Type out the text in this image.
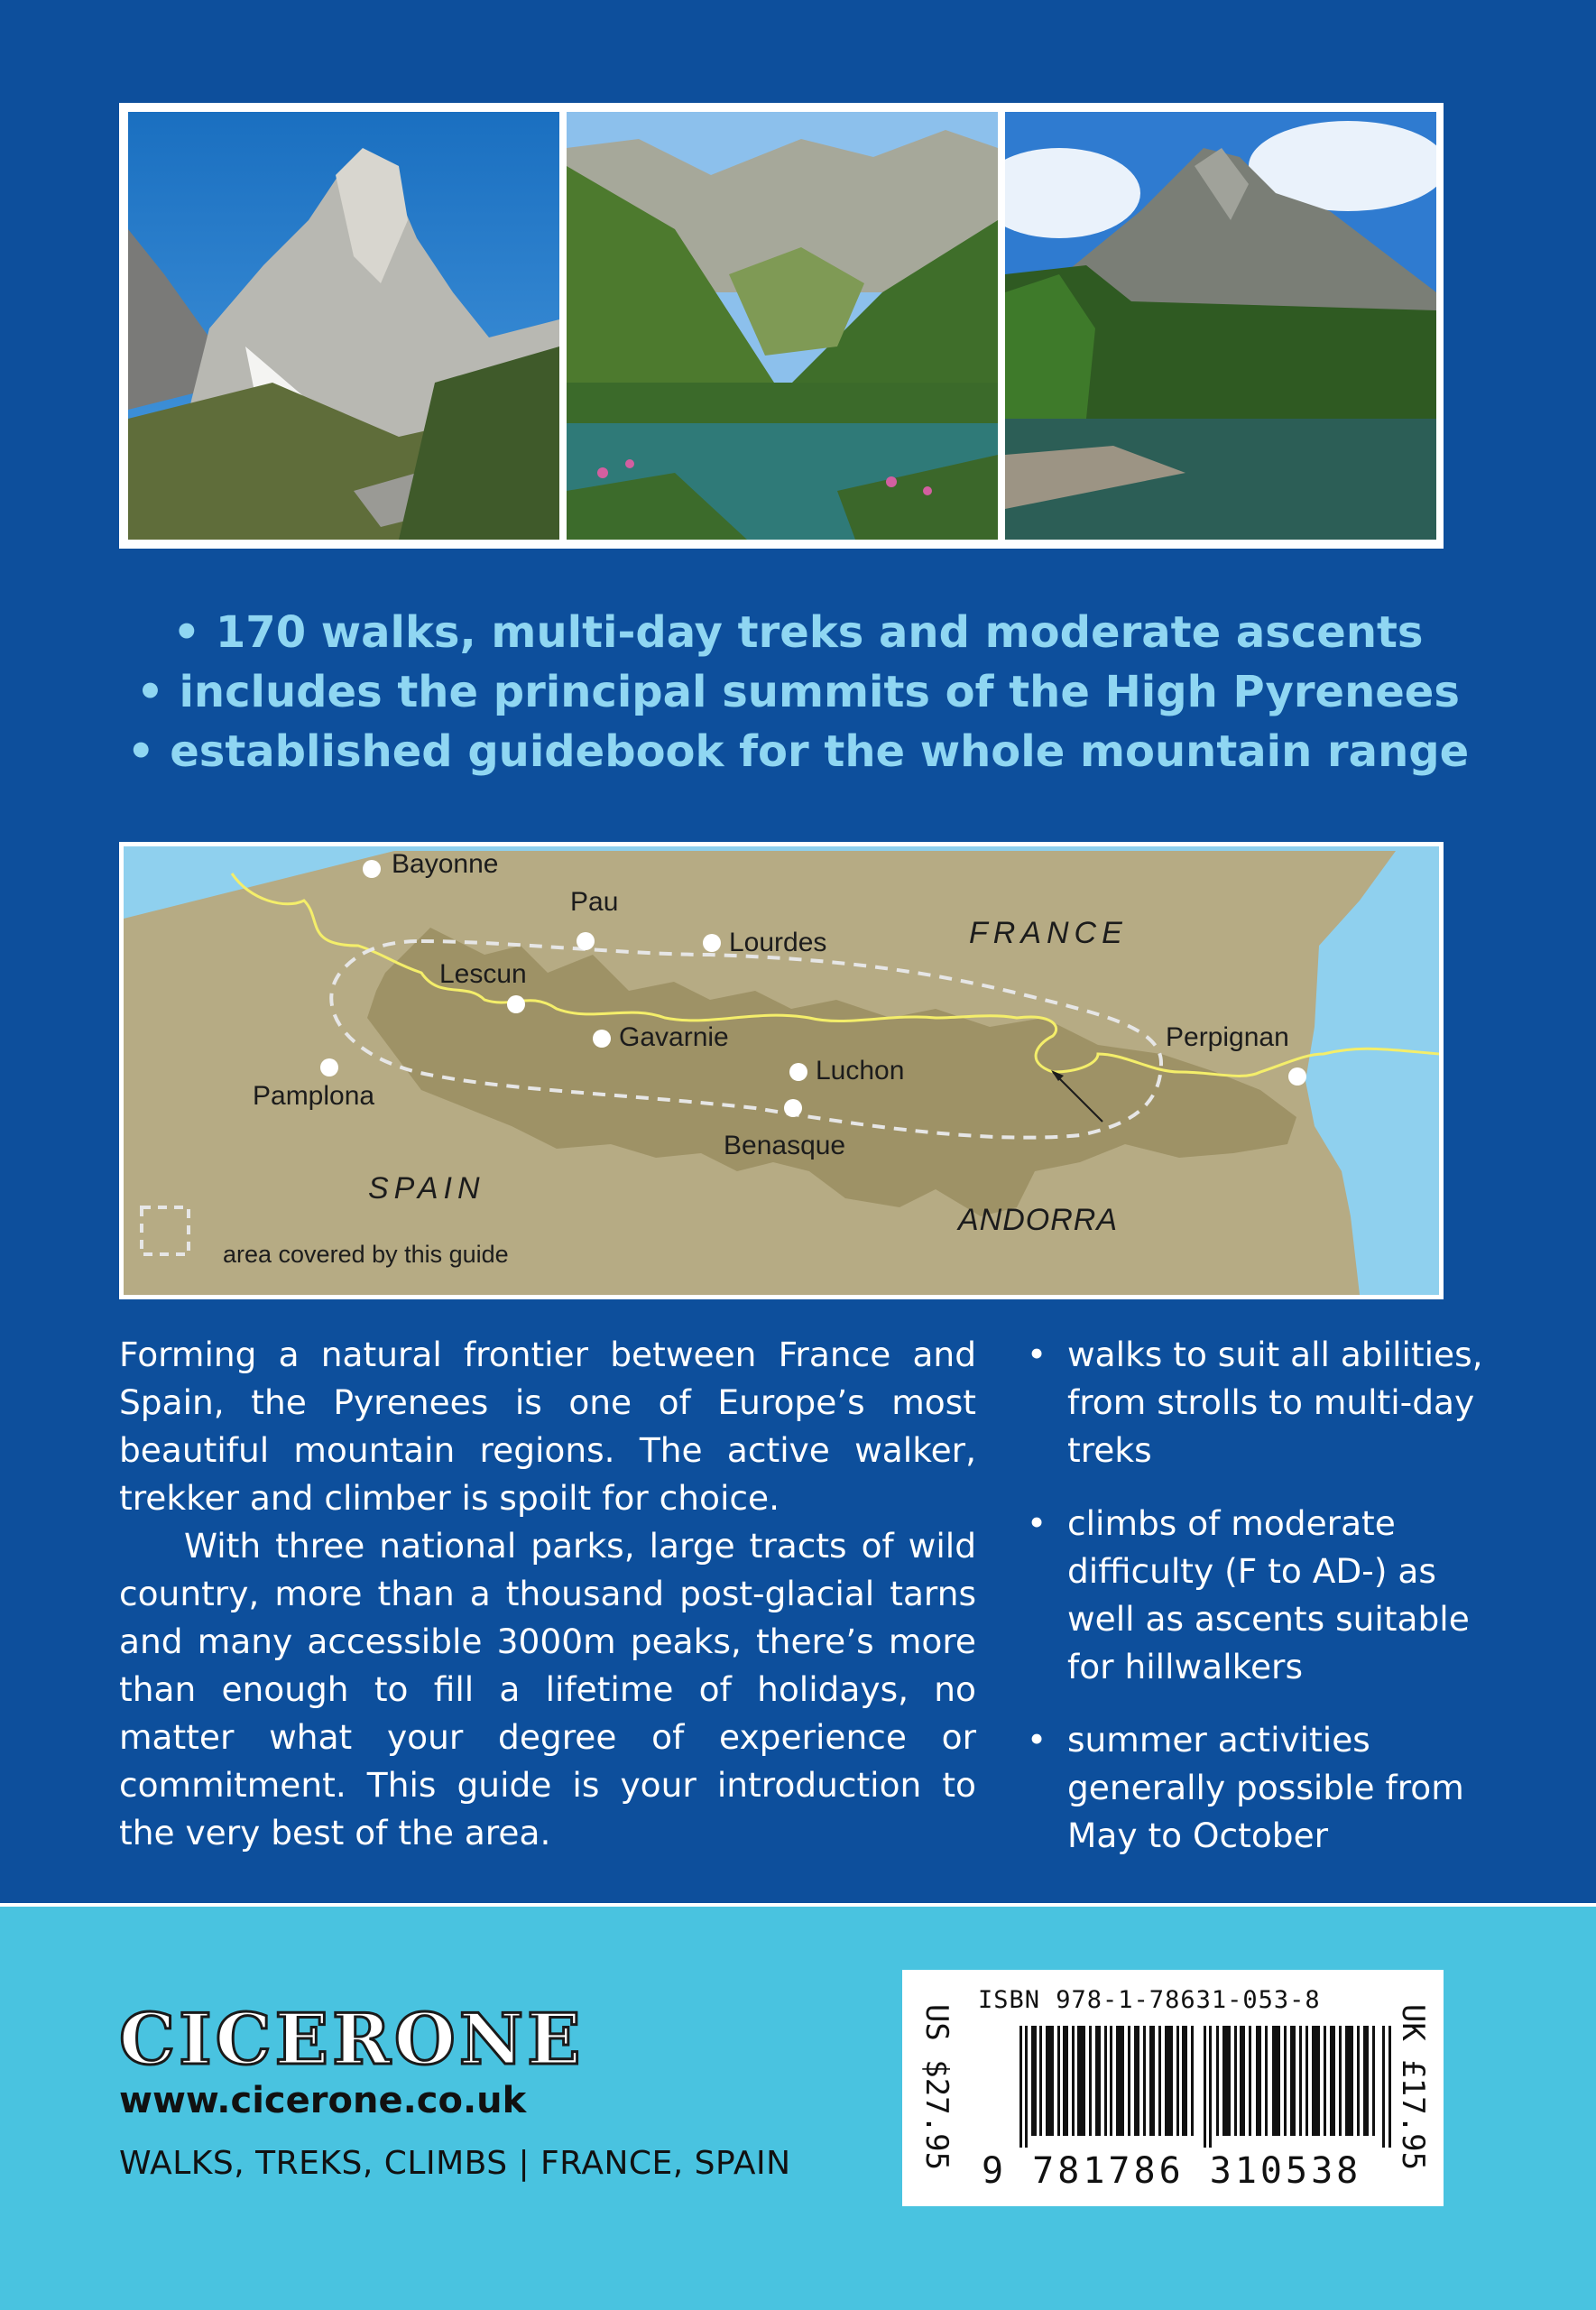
• 170 walks, multi-day treks and moderate ascents
• includes the principal summits of the High Pyrenees
• established guidebook for the whole mountain range
Bayonne
Pau
Lourdes
Lescun
Gavarnie
Luchon
Benasque
Pamplona
Perpignan
FRANCE
SPAIN
ANDORRA
area covered by this guide

Forming a natural frontier between France and Spain, the Pyrenees is one of Europe’s most beautiful mountain regions. The active walker, trekker and climber is spoilt for choice.

With three national parks, large tracts of wild country, more than a thousand post-glacial tarns and many accessible 3000m peaks, there’s more than enough to fill a lifetime of holidays, no matter what your degree of experience or commitment. This guide is your introduction to the very best of the area.

• walks to suit all abilities, from strolls to multi-day treks
• climbs of moderate difficulty (F to AD-) as well as ascents suitable for hillwalkers
• summer activities generally possible from May to October
CICERONE
www.cicerone.co.uk
WALKS, TREKS, CLIMBS | FRANCE, SPAIN
ISBN 978-1-78631-053-8
9 781786 310538
US $27.95	UK £17.95
